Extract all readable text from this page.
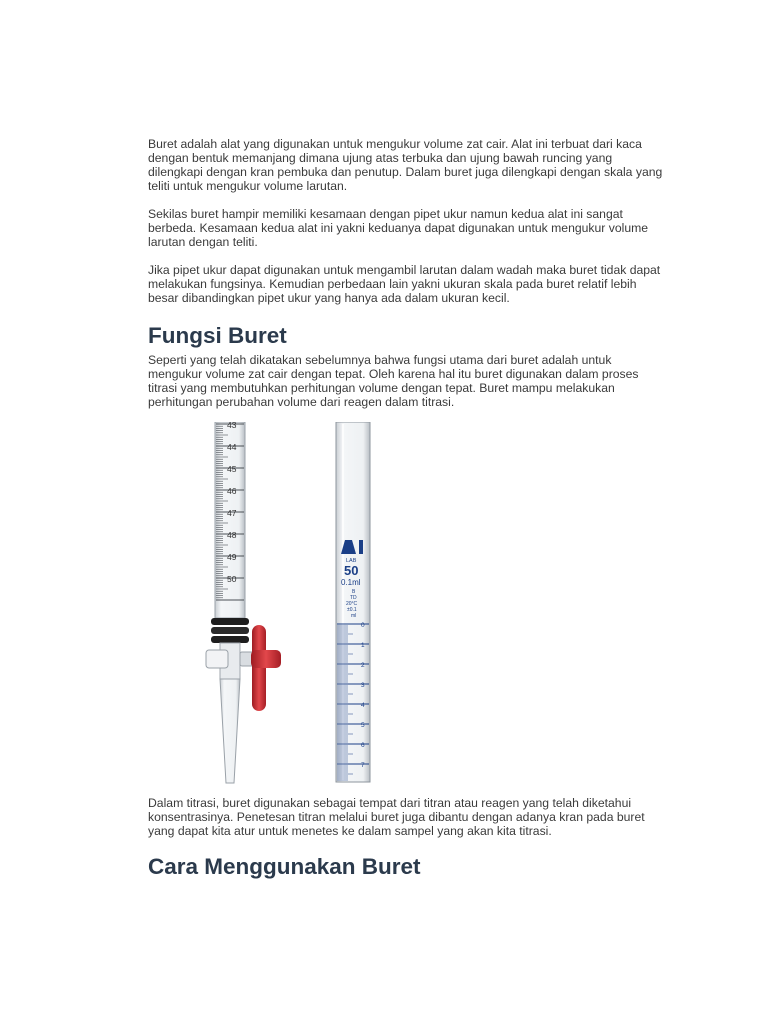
Buret adalah alat yang digunakan untuk mengukur volume zat cair. Alat ini terbuat dari kaca dengan bentuk memanjang dimana ujung atas terbuka dan ujung bawah runcing yang dilengkapi dengan kran pembuka dan penutup. Dalam buret juga dilengkapi dengan skala yang teliti untuk mengukur volume larutan.

Sekilas buret hampir memiliki kesamaan dengan pipet ukur namun kedua alat ini sangat berbeda. Kesamaan kedua alat ini yakni keduanya dapat digunakan untuk mengukur volume larutan dengan teliti.

Jika pipet ukur dapat digunakan untuk mengambil larutan dalam wadah maka buret tidak dapat melakukan fungsinya. Kemudian perbedaan lain yakni ukuran skala pada buret relatif lebih besar dibandingkan pipet ukur yang hanya ada dalam ukuran kecil.

Fungsi Buret

Seperti yang telah dikatakan sebelumnya bahwa fungsi utama dari buret adalah untuk mengukur volume zat cair dengan tepat. Oleh karena hal itu buret digunakan dalam proses titrasi yang membutuhkan perhitungan volume dengan tepat. Buret mampu melakukan perhitungan perubahan volume dari reagen dalam titrasi.

43
44
45
46
47
48
49
50
LAB
50
0.1ml
B
TD
20°C
±0.1
ml
0
1
2
3
4
5
6
7

Dalam titrasi, buret digunakan sebagai tempat dari titran atau reagen yang telah diketahui konsentrasinya. Penetesan titran melalui buret juga dibantu dengan adanya kran pada buret yang dapat kita atur untuk menetes ke dalam sampel yang akan kita titrasi.

Cara Menggunakan Buret
